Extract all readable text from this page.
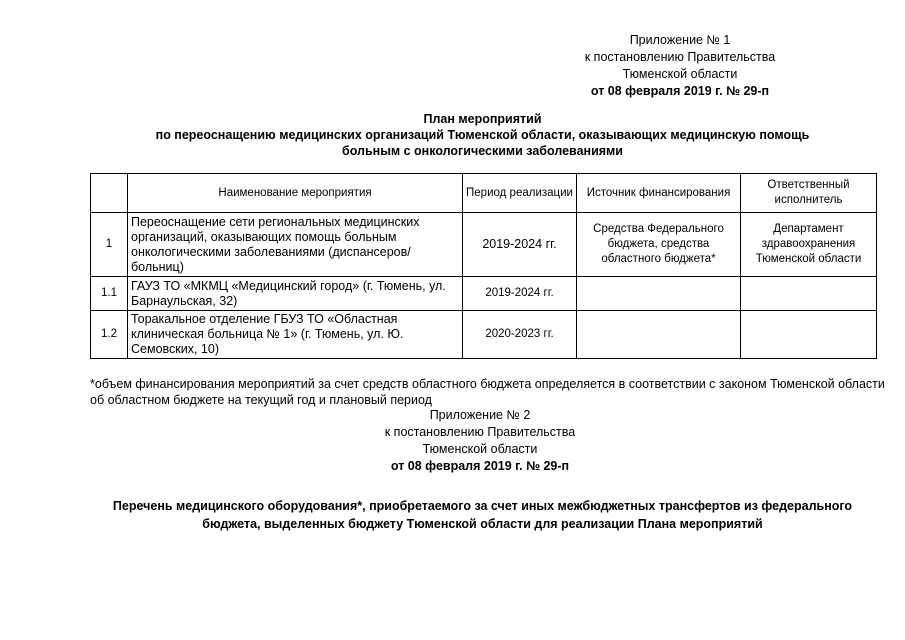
Приложение № 1
к постановлению Правительства
Тюменской области
от 08 февраля 2019 г. № 29-п
План мероприятий
по переоснащению медицинских организаций Тюменской области, оказывающих медицинскую помощь
больным с онкологическими заболеваниями
	Наименование мероприятия	Период реализации	Источник финансирования	Ответственный исполнитель
1	Переоснащение сети региональных медицинских организаций, оказывающих помощь больным онкологическими заболеваниями (диспансеров/больниц)	2019-2024 гг.	Средства Федерального бюджета, средства областного бюджета*	Департамент здравоохранения Тюменской области
1.1	ГАУЗ ТО «МКМЦ «Медицинский город» (г. Тюмень, ул. Барнаульская, 32)	2019-2024 гг.		
1.2	Торакальное отделение ГБУЗ ТО «Областная клиническая больница № 1» (г. Тюмень, ул. Ю. Семовских, 10)	2020-2023 гг.		
*объем финансирования мероприятий за счет средств областного бюджета определяется в соответствии с законом Тюменской области об областном бюджете на текущий год и плановый период
Приложение № 2
к постановлению Правительства
Тюменской области
от 08 февраля 2019 г. № 29-п
Перечень медицинского оборудования*, приобретаемого за счет иных межбюджетных трансфертов из федерального бюджета, выделенных бюджету Тюменской области для реализации Плана мероприятий
